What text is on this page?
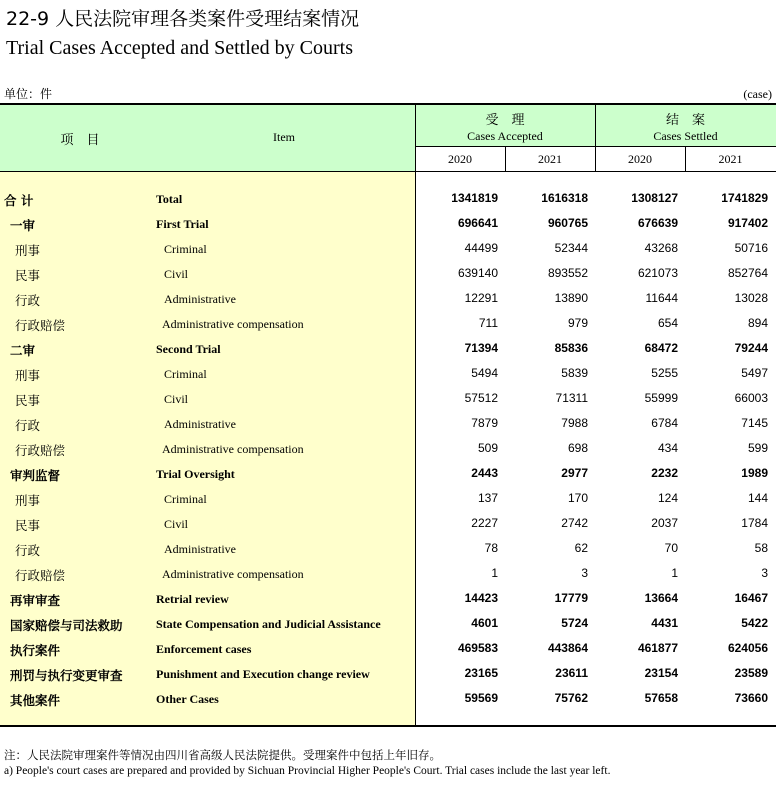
22-9 人民法院审理各类案件受理结案情况
Trial Cases Accepted and Settled by Courts
单位：件	(case)
项　目	Item
受　理
Cases Accepted
结　案
Cases Settled
2020	2021	2020	2021
合 计	Total	1341819	1616318	1308127	1741829
一审	First Trial	696641	960765	676639	917402
刑事	Criminal	44499	52344	43268	50716
民事	Civil	639140	893552	621073	852764
行政	Administrative	12291	13890	11644	13028
行政赔偿	Administrative compensation	711	979	654	894
二审	Second Trial	71394	85836	68472	79244
刑事	Criminal	5494	5839	5255	5497
民事	Civil	57512	71311	55999	66003
行政	Administrative	7879	7988	6784	7145
行政赔偿	Administrative compensation	509	698	434	599
审判监督	Trial Oversight	2443	2977	2232	1989
刑事	Criminal	137	170	124	144
民事	Civil	2227	2742	2037	1784
行政	Administrative	78	62	70	58
行政赔偿	Administrative compensation	1	3	1	3
再审审查	Retrial review	14423	17779	13664	16467
国家赔偿与司法救助	State Compensation and Judicial Assistance	4601	5724	4431	5422
执行案件	Enforcement cases	469583	443864	461877	624056
刑罚与执行变更审查	Punishment and Execution change review	23165	23611	23154	23589
其他案件	Other Cases	59569	75762	57658	73660
注：人民法院审理案件等情况由四川省高级人民法院提供。受理案件中包括上年旧存。
a) People's court cases are prepared and provided by Sichuan Provincial Higher People's Court. Trial cases include the last year left.
